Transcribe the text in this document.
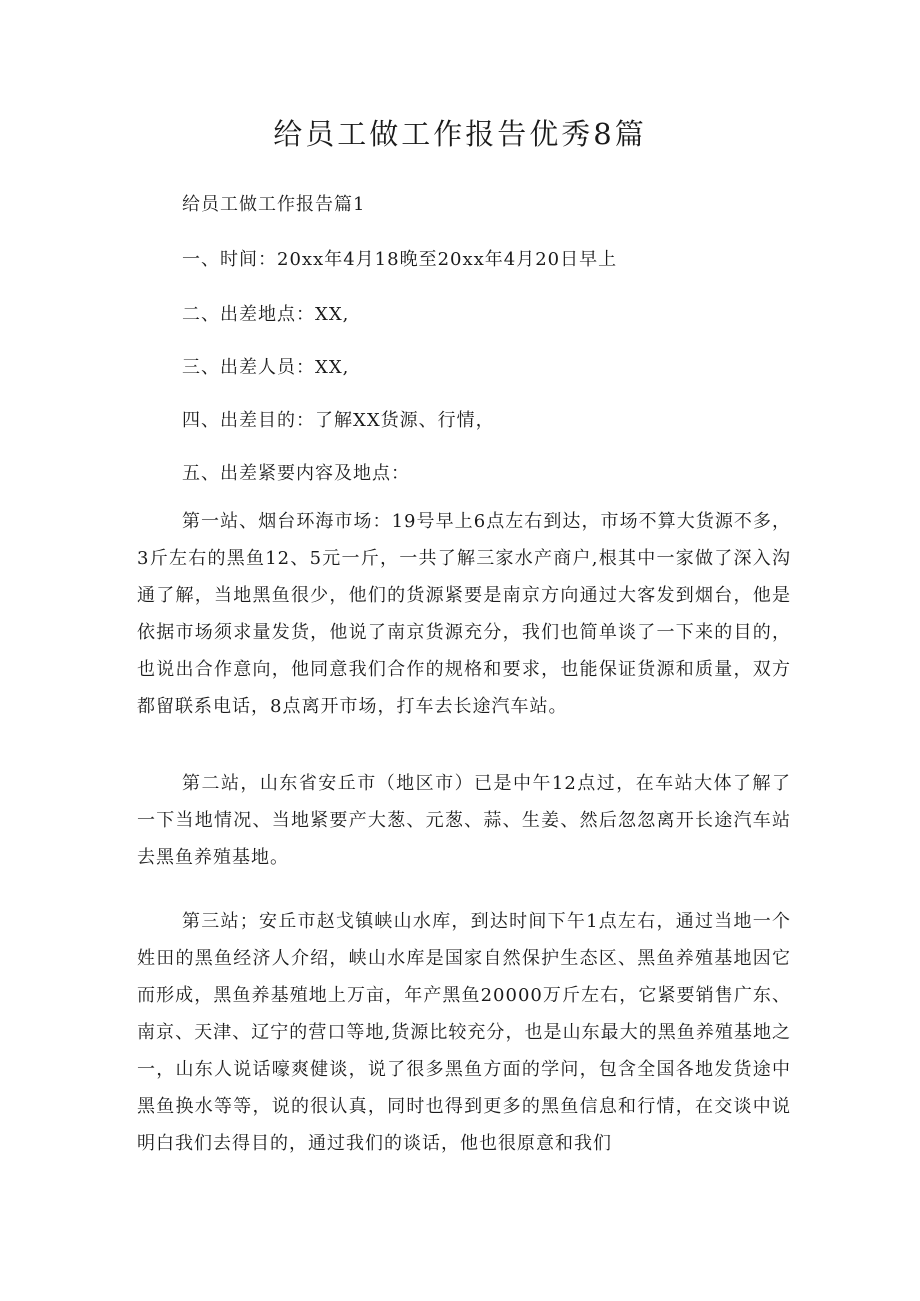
给员工做工作报告优秀8篇

给员工做工作报告篇1

一、时间：20xx年4月18晚至20xx年4月20日早上

二、出差地点：XX,

三、出差人员：XX,

四、出差目的：了解XX货源、行情，

五、出差紧要内容及地点：

第一站、烟台环海市场：19号早上6点左右到达，市场不算大货源不多，3斤左右的黑鱼12、5元一斤，一共了解三家水产商户,根其中一家做了深入沟通了解，当地黑鱼很少，他们的货源紧要是南京方向通过大客发到烟台，他是依据市场须求量发货，他说了南京货源充分，我们也简单谈了一下来的目的，也说出合作意向，他同意我们合作的规格和要求，也能保证货源和质量，双方都留联系电话，8点离开市场，打车去长途汽车站。

第二站，山东省安丘市（地区市）已是中午12点过，在车站大体了解了一下当地情况、当地紧要产大葱、元葱、蒜、生姜、然后忽忽离开长途汽车站去黑鱼养殖基地。

第三站；安丘市赵戈镇峡山水库，到达时间下午1点左右，通过当地一个姓田的黑鱼经济人介绍，峡山水库是国家自然保护生态区、黑鱼养殖基地因它而形成，黑鱼养基殖地上万亩，年产黑鱼20000万斤左右，它紧要销售广东、南京、天津、辽宁的营口等地,货源比较充分，也是山东最大的黑鱼养殖基地之一，山东人说话嚎爽健谈，说了很多黑鱼方面的学问，包含全国各地发货途中黑鱼换水等等，说的很认真，同时也得到更多的黑鱼信息和行情，在交谈中说明白我们去得目的，通过我们的谈话，他也很原意和我们
